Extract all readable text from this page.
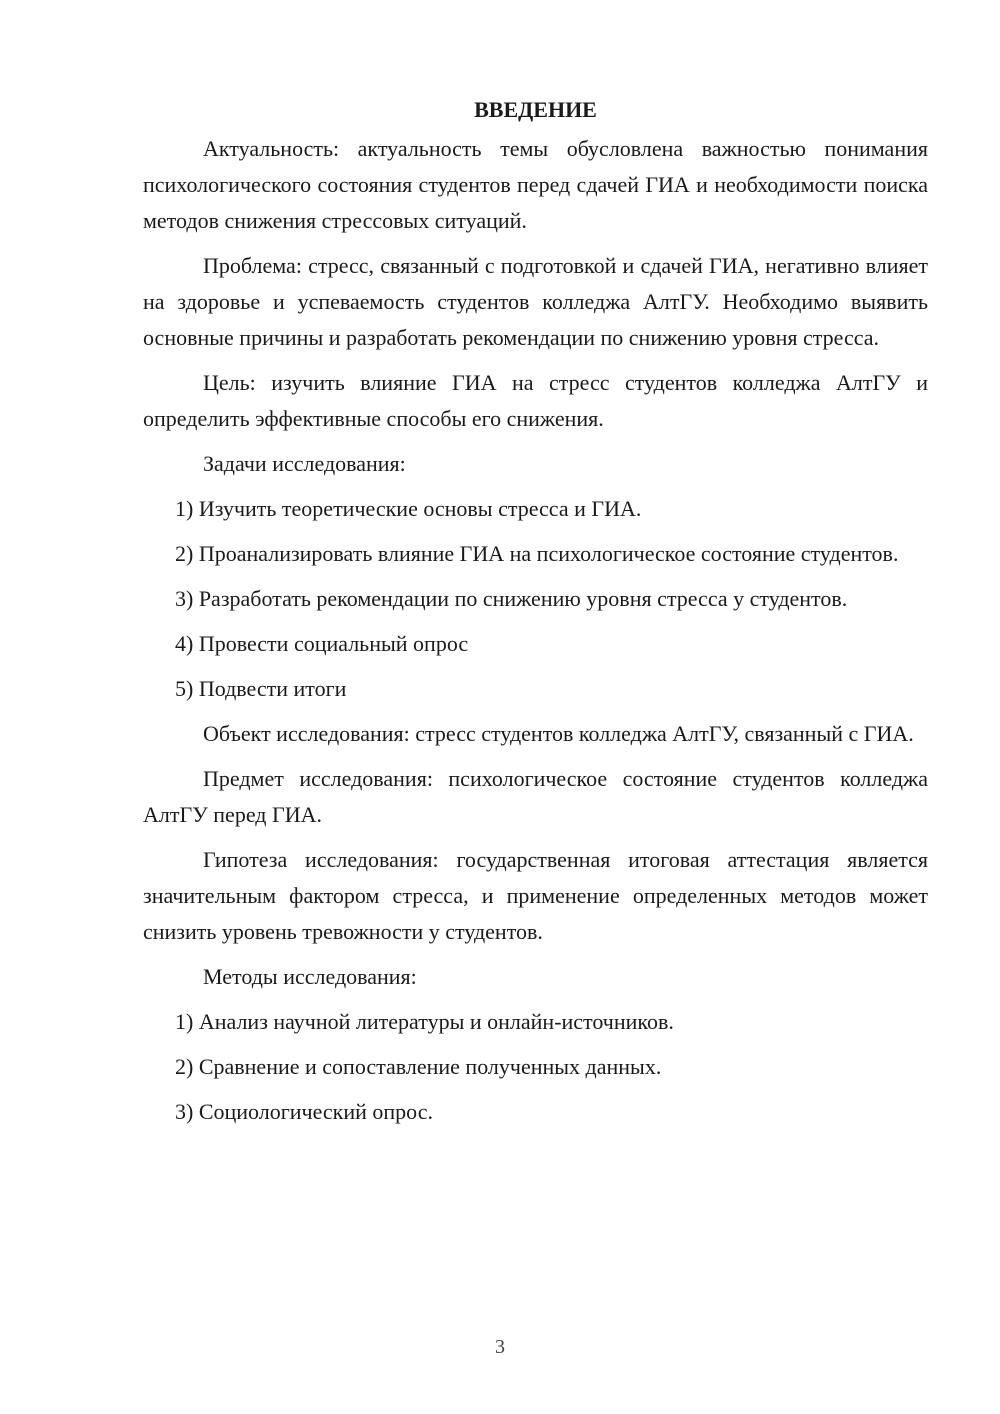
ВВЕДЕНИЕ

Актуальность: актуальность темы обусловлена важностью понимания психологического состояния студентов перед сдачей ГИА и необходимости поиска методов снижения стрессовых ситуаций.

Проблема: стресс, связанный с подготовкой и сдачей ГИА, негативно влияет на здоровье и успеваемость студентов колледжа АлтГУ. Необходимо выявить основные причины и разработать рекомендации по снижению уровня стресса.

Цель: изучить влияние ГИА на стресс студентов колледжа АлтГУ и определить эффективные способы его снижения.

Задачи исследования:

1) Изучить теоретические основы стресса и ГИА.

2) Проанализировать влияние ГИА на психологическое состояние студентов.

3) Разработать рекомендации по снижению уровня стресса у студентов.

4) Провести социальный опрос

5) Подвести итоги

Объект исследования: стресс студентов колледжа АлтГУ, связанный с ГИА.

Предмет исследования: психологическое состояние студентов колледжа АлтГУ перед ГИА.

Гипотеза исследования: государственная итоговая аттестация является значительным фактором стресса, и применение определенных методов может снизить уровень тревожности у студентов.

Методы исследования:

1) Анализ научной литературы и онлайн-источников.

2) Сравнение и сопоставление полученных данных.

3) Социологический опрос.

3
